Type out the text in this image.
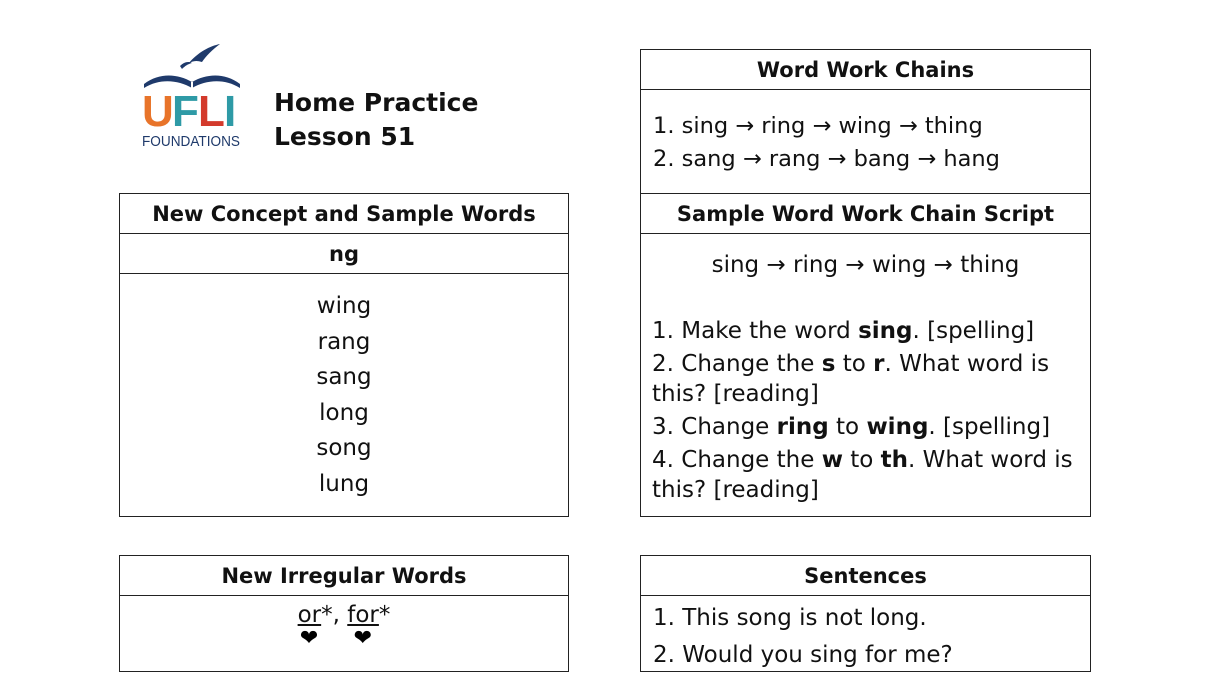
U
F L I
FOUNDATIONS
Home Practice
Lesson 51
New Concept and Sample Words
ng
wing
rang
sang
long
song
lung
Word Work Chains
1. sing → ring → wing → thing
2. sang → rang → bang → hang
Sample Word Work Chain Script
sing → ring → wing → thing
1. Make the word sing. [spelling]
2. Change the s to r. What word is this? [reading]
3. Change ring to wing. [spelling]
4. Change the w to th. What word is this? [reading]
New Irregular Words
or*
❤
, for*
❤
Sentences
1. This song is not long.
2. Would you sing for me?
